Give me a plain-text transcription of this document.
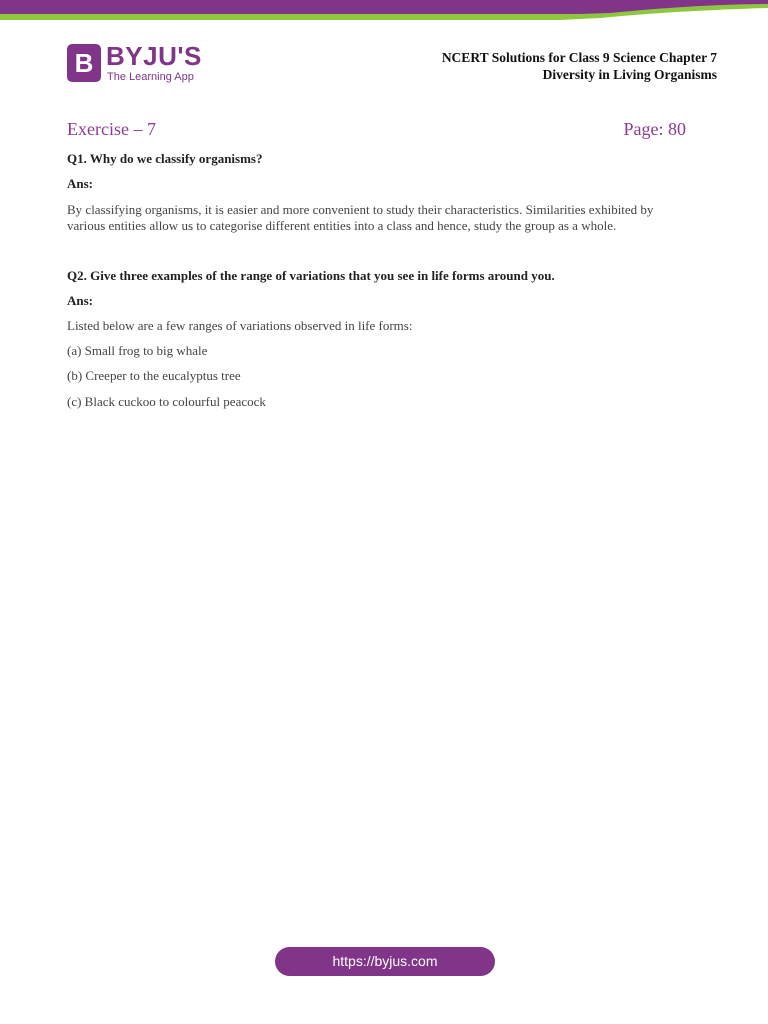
B BYJU'S
The Learning App
NCERT Solutions for Class 9 Science Chapter 7
Diversity in Living Organisms
Exercise – 7	Page: 80

Q1. Why do we classify organisms?

Ans:

By classifying organisms, it is easier and more convenient to study their characteristics. Similarities exhibited by various entities allow us to categorise different entities into a class and hence, study the group as a whole.

Q2. Give three examples of the range of variations that you see in life forms around you.

Ans:

Listed below are a few ranges of variations observed in life forms:

(a) Small frog to big whale

(b) Creeper to the eucalyptus tree

(c) Black cuckoo to colourful peacock

https://byjus.com
